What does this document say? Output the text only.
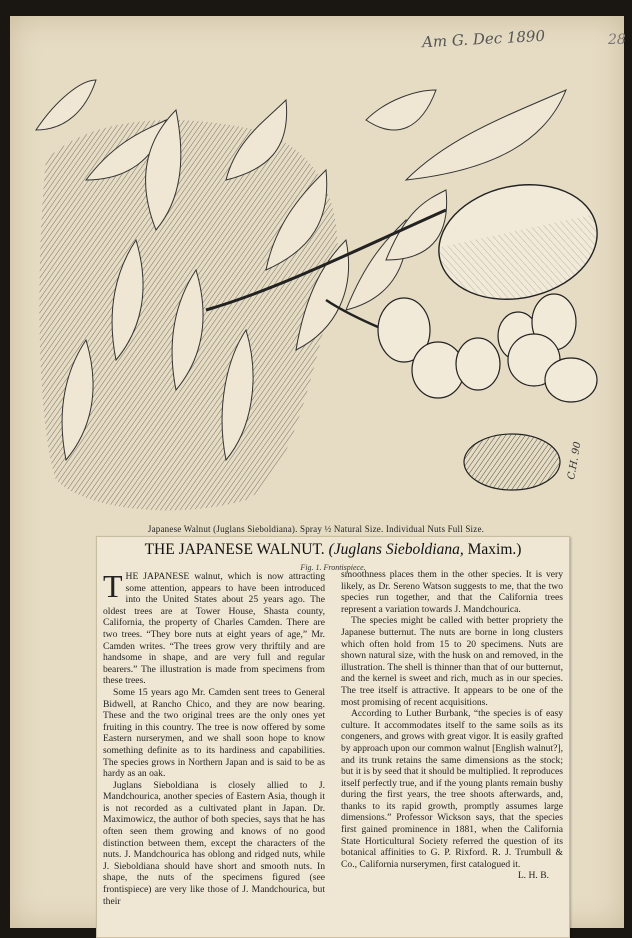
Am G. Dec 1890	28
C.H. 90
Japanese Walnut (Juglans Sieboldiana). Spray ½ Natural Size. Individual Nuts Full Size.
THE JAPANESE WALNUT. (Juglans Sieboldiana, Maxim.)
Fig. 1. Frontispiece.

THE JAPANESE walnut, which is now attracting some attention, appears to have been introduced into the United States about 25 years ago. The oldest trees are at Tower House, Shasta county, California, the property of Charles Camden. There are two trees. “They bore nuts at eight years of age,” Mr. Camden writes. “The trees grow very thriftily and are handsome in shape, and are very full and regular bearers.” The illustration is made from specimens from these trees.

Some 15 years ago Mr. Camden sent trees to General Bidwell, at Rancho Chico, and they are now bearing. These and the two original trees are the only ones yet fruiting in this country. The tree is now offered by some Eastern nurserymen, and we shall soon hope to know something definite as to its hardiness and capabilities. The species grows in Northern Japan and is said to be as hardy as an oak.

Juglans Sieboldiana is closely allied to J. Mandchourica, another species of Eastern Asia, though it is not recorded as a cultivated plant in Japan. Dr. Maximowicz, the author of both species, says that he has often seen them growing and knows of no good distinction between them, except the characters of the nuts. J. Mandchourica has oblong and ridged nuts, while J. Sieboldiana should have short and smooth nuts. In shape, the nuts of the specimens figured (see frontispiece) are very like those of J. Mandchourica, but their

smoothness places them in the other species. It is very likely, as Dr. Sereno Watson suggests to me, that the two species run together, and that the California trees represent a variation towards J. Mandchourica.

The species might be called with better propriety the Japanese butternut. The nuts are borne in long clusters which often hold from 15 to 20 specimens. Nuts are shown natural size, with the husk on and removed, in the illustration. The shell is thinner than that of our butternut, and the kernel is sweet and rich, much as in our species. The tree itself is attractive. It appears to be one of the most promising of recent acquisitions.

According to Luther Burbank, “the species is of easy culture. It accommodates itself to the same soils as its congeners, and grows with great vigor. It is easily grafted by approach upon our common walnut [English walnut?], and its trunk retains the same dimensions as the stock; but it is by seed that it should be multiplied. It reproduces itself perfectly true, and if the young plants remain bushy during the first years, the tree shoots afterwards, and, thanks to its rapid growth, promptly assumes large dimensions.” Professor Wickson says, that the species first gained prominence in 1881, when the California State Horticultural Society referred the question of its botanical affinities to G. P. Rixford. R. J. Trumbull & Co., California nurserymen, first catalogued it.

L. H. B.
